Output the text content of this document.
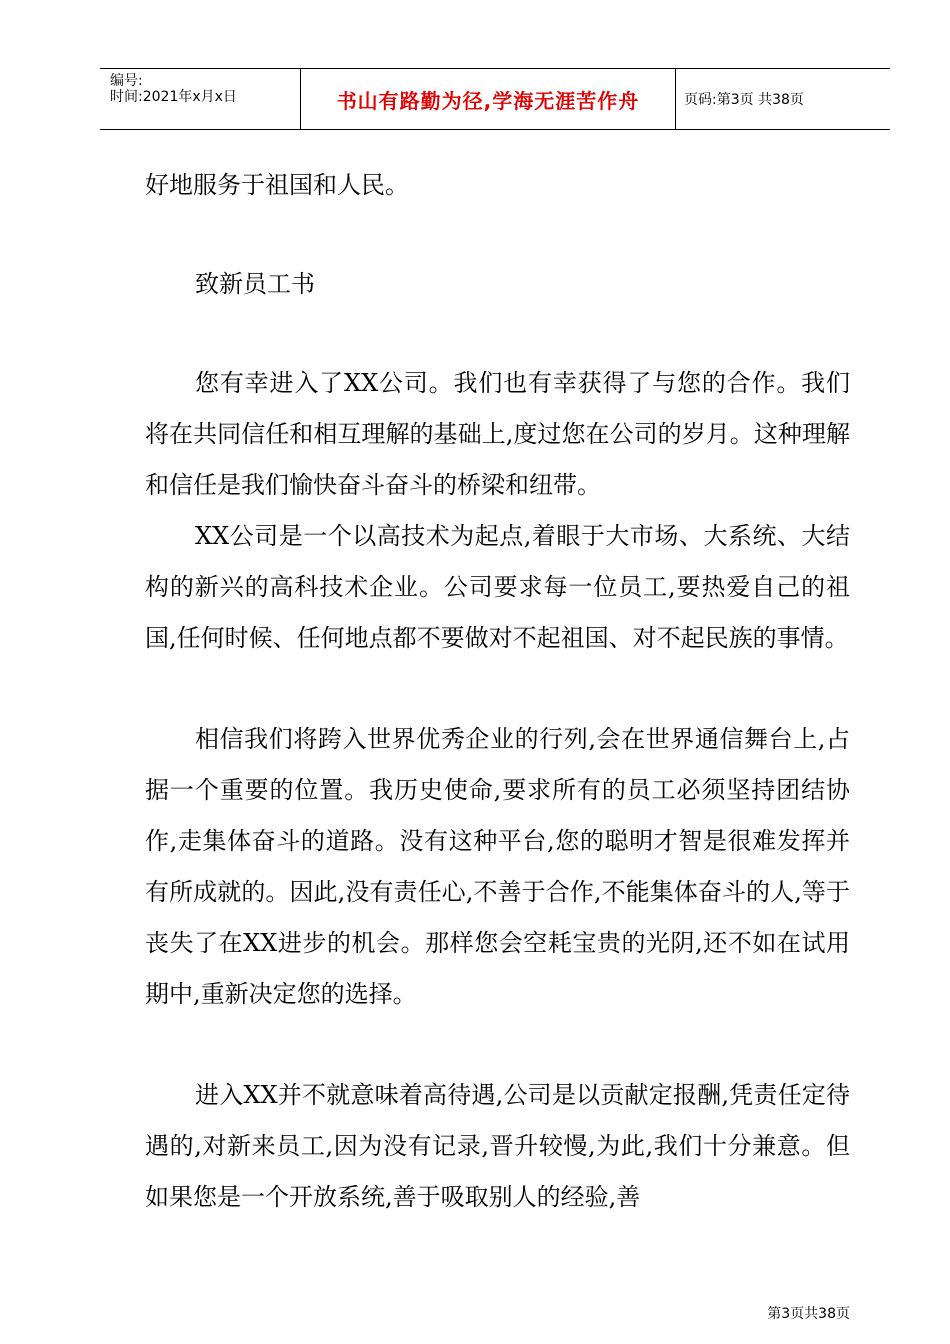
编号:
时间:2021年x月x日	书山有路勤为径,学海无涯苦作舟	页码:第3页 共38页

好地服务于祖国和人民。

致新员工书

您有幸进入了XX公司。我们也有幸获得了与您的合作。我们将在共同信任和相互理解的基础上,度过您在公司的岁月。这种理解和信任是我们愉快奋斗奋斗的桥梁和纽带。

XX公司是一个以高技术为起点,着眼于大市场、大系统、大结构的新兴的高科技术企业。公司要求每一位员工,要热爱自己的祖国,任何时候、任何地点都不要做对不起祖国、对不起民族的事情。

相信我们将跨入世界优秀企业的行列,会在世界通信舞台上,占据一个重要的位置。我历史使命,要求所有的员工必须坚持团结协作,走集体奋斗的道路。没有这种平台,您的聪明才智是很难发挥并有所成就的。因此,没有责任心,不善于合作,不能集体奋斗的人,等于丧失了在XX进步的机会。那样您会空耗宝贵的光阴,还不如在试用期中,重新决定您的选择。

进入XX并不就意味着高待遇,公司是以贡献定报酬,凭责任定待遇的,对新来员工,因为没有记录,晋升较慢,为此,我们十分兼意。但如果您是一个开放系统,善于吸取别人的经验,善

第3页共38页
